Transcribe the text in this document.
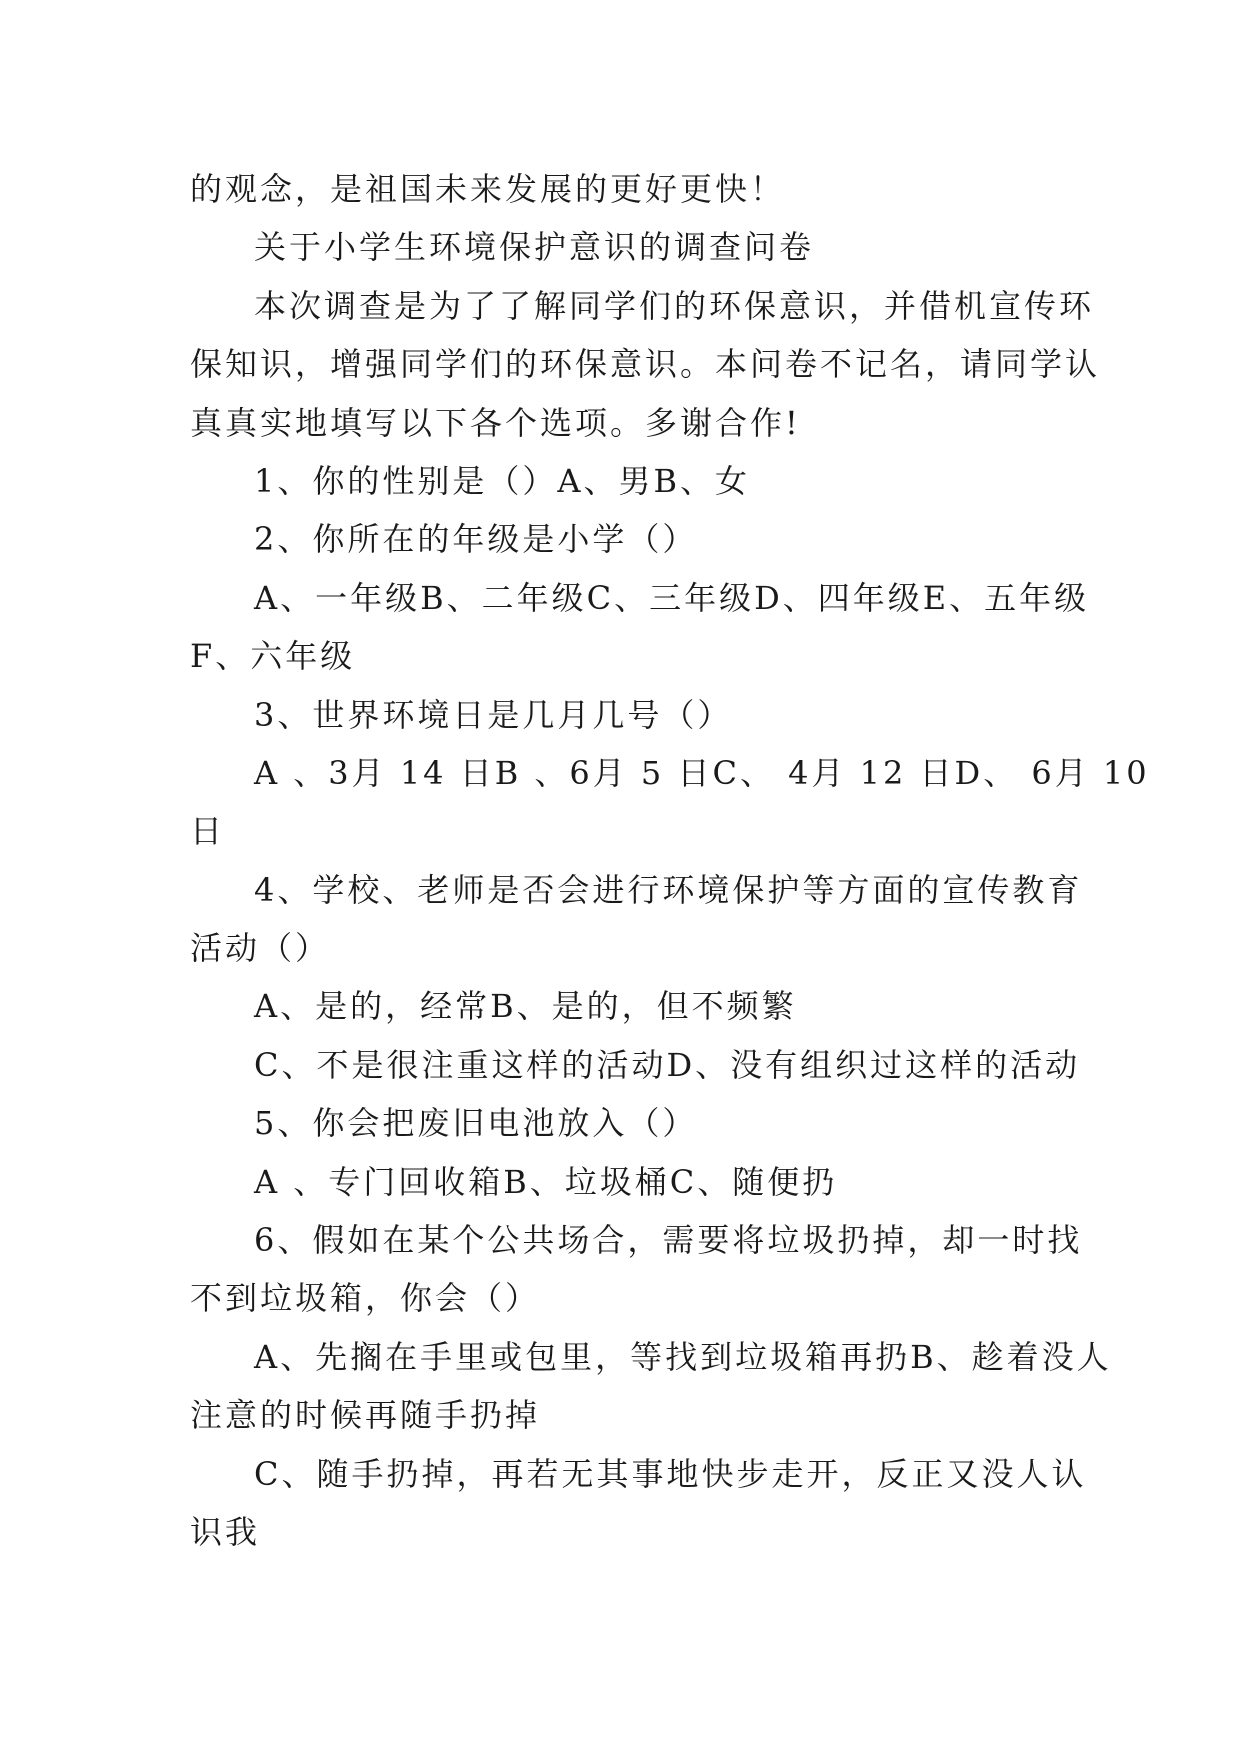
的观念，是祖国未来发展的更好更快！
关于小学生环境保护意识的调查问卷
本次调查是为了了解同学们的环保意识，并借机宣传环
保知识，增强同学们的环保意识。本问卷不记名，请同学认
真真实地填写以下各个选项。多谢合作!
1、你的性别是（）A、男B、女
2、你所在的年级是小学（）
A、一年级B、二年级C、三年级D、四年级E、五年级
F、六年级
3、世界环境日是几月几号（）
A 、3月 14 日B 、6月 5 日C、 4月 12 日D、 6月 10
日
4、学校、老师是否会进行环境保护等方面的宣传教育
活动（）
A、是的，经常B、是的，但不频繁
C、不是很注重这样的活动D、没有组织过这样的活动
5、你会把废旧电池放入（）
A 、专门回收箱B、垃圾桶C、随便扔
6、假如在某个公共场合，需要将垃圾扔掉，却一时找
不到垃圾箱，你会（）
A、先搁在手里或包里，等找到垃圾箱再扔B、趁着没人
注意的时候再随手扔掉
C、随手扔掉，再若无其事地快步走开，反正又没人认
识我
